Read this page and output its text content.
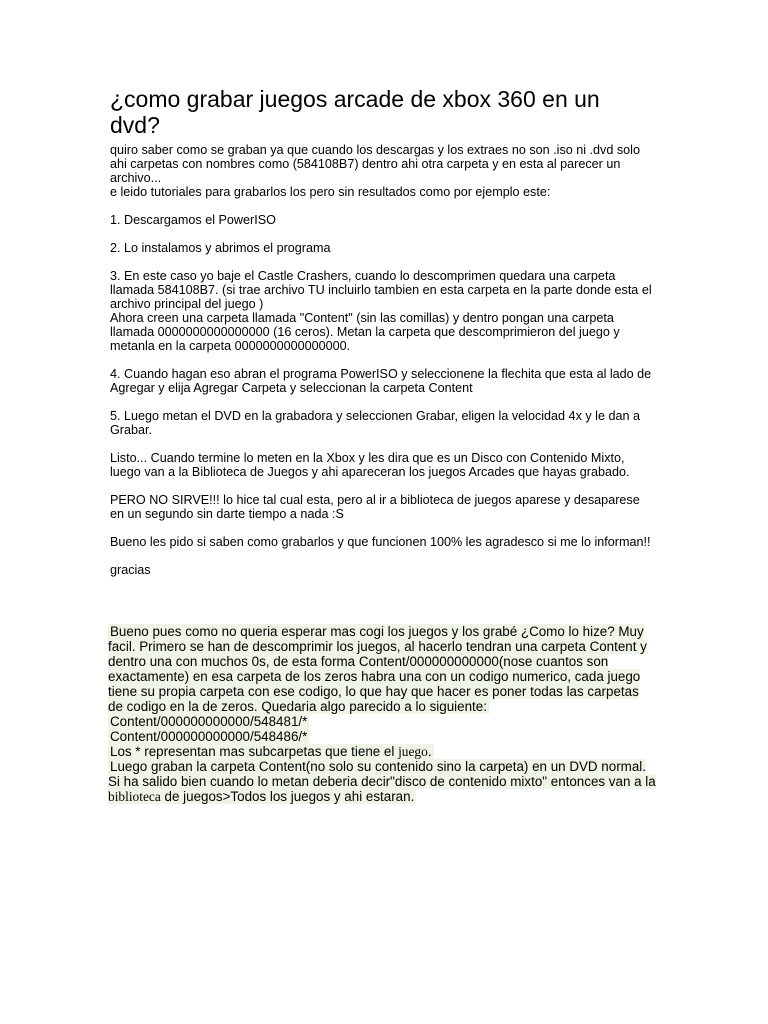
¿como grabar juegos arcade de xbox 360 en un dvd?

quiro saber como se graban ya que cuando los descargas y los extraes no son .iso ni .dvd solo ahi carpetas con nombres como (584108B7) dentro ahi otra carpeta y en esta al parecer un archivo...
e leido tutoriales para grabarlos los pero sin resultados como por ejemplo este:

1. Descargamos el PowerISO

2. Lo instalamos y abrimos el programa

3. En este caso yo baje el Castle Crashers, cuando lo descomprimen quedara una carpeta llamada 584108B7. (si trae archivo TU incluirlo tambien en esta carpeta en la parte donde esta el archivo principal del juego )
Ahora creen una carpeta llamada "Content" (sin las comillas) y dentro pongan una carpeta llamada 0000000000000000 (16 ceros). Metan la carpeta que descomprimieron del juego y metanla en la carpeta 0000000000000000.

4. Cuando hagan eso abran el programa PowerISO y seleccionene la flechita que esta al lado de Agregar y elija Agregar Carpeta y seleccionan la carpeta Content

5. Luego metan el DVD en la grabadora y seleccionen Grabar, eligen la velocidad 4x y le dan a Grabar.

Listo... Cuando termine lo meten en la Xbox y les dira que es un Disco con Contenido Mixto, luego van a la Biblioteca de Juegos y ahi apareceran los juegos Arcades que hayas grabado.

PERO NO SIRVE!!! lo hice tal cual esta, pero al ir a biblioteca de juegos aparese y desaparese en un segundo sin darte tiempo a nada :S

Bueno les pido si saben como grabarlos y que funcionen 100% les agradesco si me lo informan!!

gracias

Bueno pues como no queria esperar mas cogi los juegos y los grabé ¿Como lo hize? Muy facil. Primero se han de descomprimir los juegos, al hacerlo tendran una carpeta Content y dentro una con muchos 0s, de esta forma Content/000000000000(nose cuantos son exactamente) en esa carpeta de los zeros habra una con un codigo numerico, cada juego tiene su propia carpeta con ese codigo, lo que hay que hacer es poner todas las carpetas de codigo en la de zeros. Quedaria algo parecido a lo siguiente:
Content/000000000000/548481/*
Content/000000000000/548486/*
Los * representan mas subcarpetas que tiene el juego.
Luego graban la carpeta Content(no solo su contenido sino la carpeta) en un DVD normal. Si ha salido bien cuando lo metan deberia decir"disco de contenido mixto" entonces van a la biblioteca de juegos>Todos los juegos y ahi estaran.
